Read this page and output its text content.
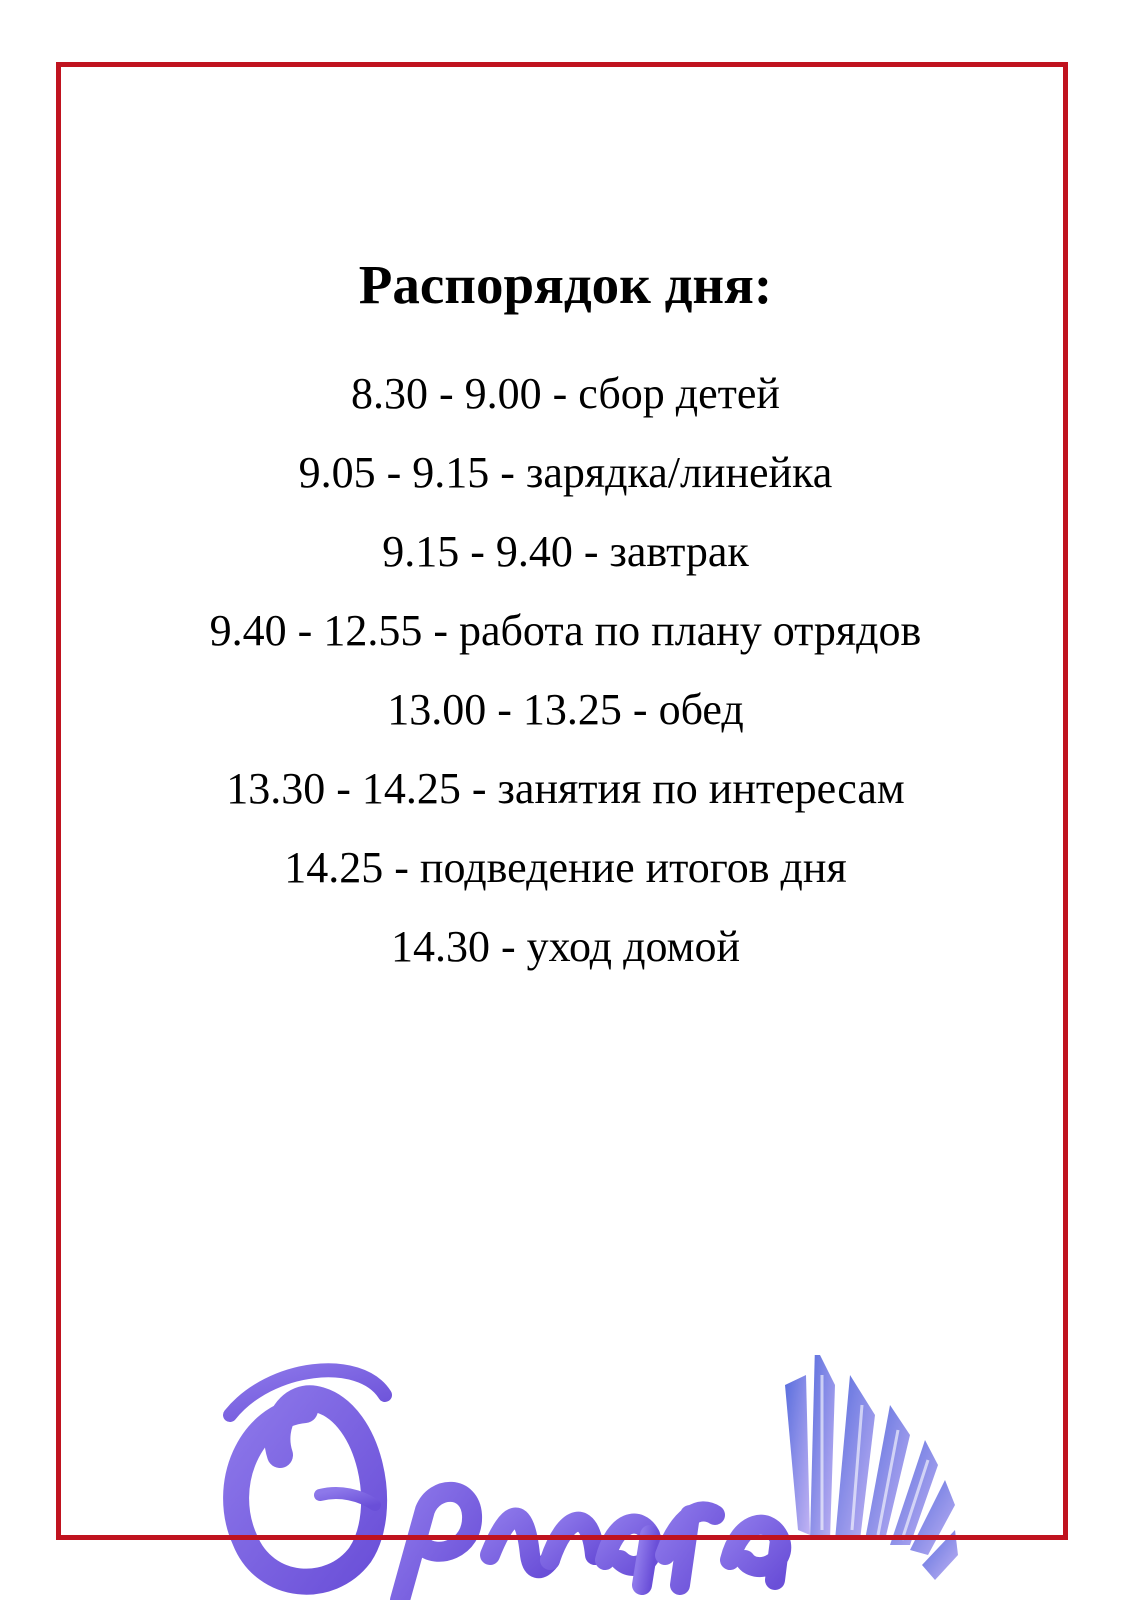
Распорядок дня:
8.30 - 9.00 - сбор детей
9.05 - 9.15 - зарядка/линейка
9.15 - 9.40 - завтрак
9.40 - 12.55 - работа по плану отрядов
13.00 - 13.25 - обед
13.30 - 14.25 - занятия по интересам
14.25 - подведение итогов дня
14.30 - уход домой
